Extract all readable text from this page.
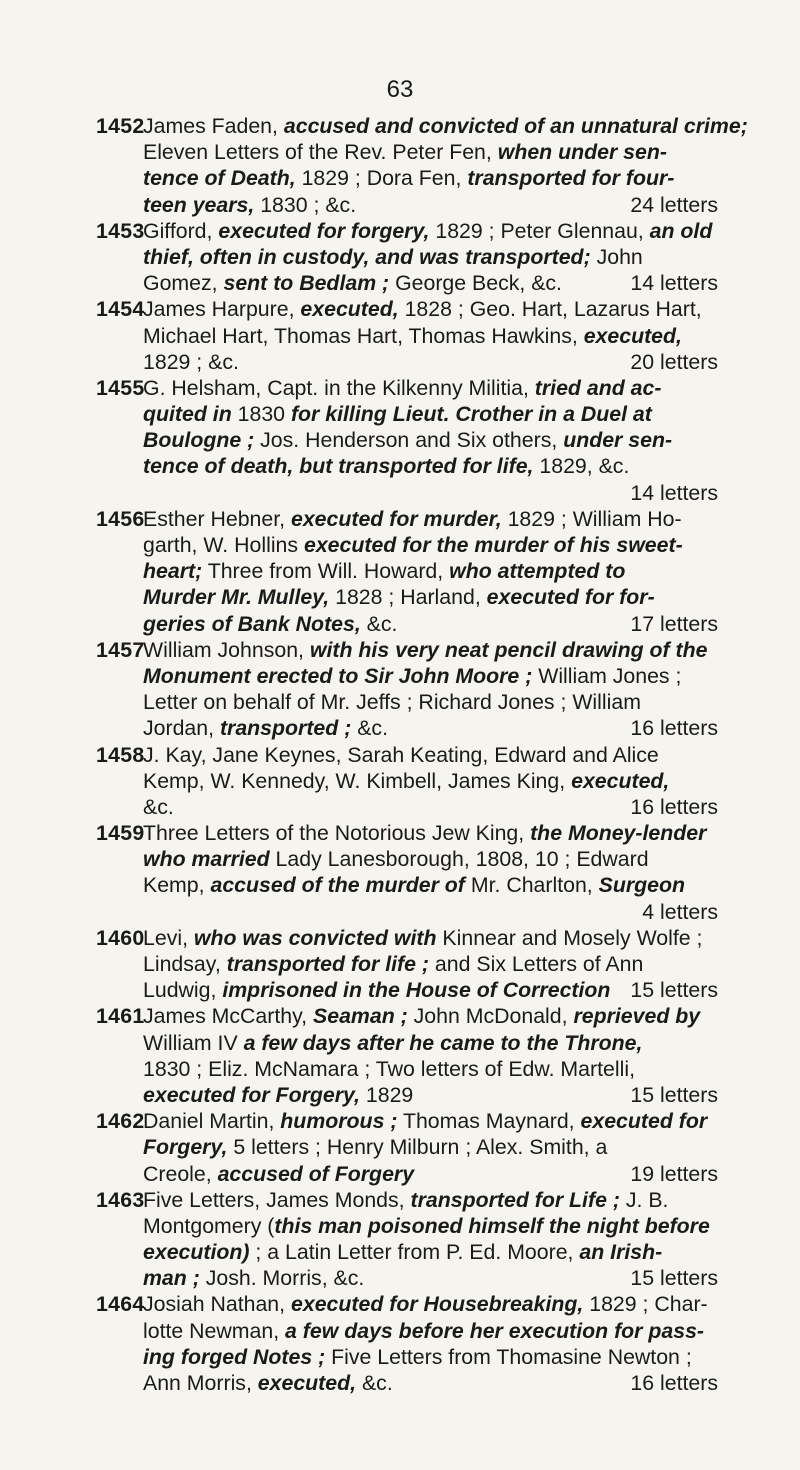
63
1452
James Faden, accused and convicted of an unnatural crime;
Eleven Letters of the Rev. Peter Fen, when under sen-
tence of Death, 1829 ; Dora Fen, transported for four-
teen years, 1830 ; &c.	24 letters
1453
Gifford, executed for forgery, 1829 ; Peter Glennau, an old
thief, often in custody, and was transported; John
Gomez, sent to Bedlam ; George Beck, &c.	14 letters
1454
James Harpure, executed, 1828 ; Geo. Hart, Lazarus Hart,
Michael Hart, Thomas Hart, Thomas Hawkins, executed,
1829 ; &c.	20 letters
1455
G. Helsham, Capt. in the Kilkenny Militia, tried and ac-
quited in 1830 for killing Lieut. Crother in a Duel at
Boulogne ; Jos. Henderson and Six others, under sen-
tence of death, but transported for life, 1829, &c.
14 letters
1456
Esther Hebner, executed for murder, 1829 ; William Ho-
garth, W. Hollins executed for the murder of his sweet-
heart; Three from Will. Howard, who attempted to
Murder Mr. Mulley, 1828 ; Harland, executed for for-
geries of Bank Notes, &c.	17 letters
1457
William Johnson, with his very neat pencil drawing of the
Monument erected to Sir John Moore ; William Jones ;
Letter on behalf of Mr. Jeffs ; Richard Jones ; William
Jordan, transported ; &c.	16 letters
1458
J. Kay, Jane Keynes, Sarah Keating, Edward and Alice
Kemp, W. Kennedy, W. Kimbell, James King, executed,
&c.	16 letters
1459
Three Letters of the Notorious Jew King, the Money-lender
who married Lady Lanesborough, 1808, 10 ; Edward
Kemp, accused of the murder of Mr. Charlton, Surgeon
4 letters
1460
Levi, who was convicted with Kinnear and Mosely Wolfe ;
Lindsay, transported for life ; and Six Letters of Ann
Ludwig, imprisoned in the House of Correction 15 letters
1461
James McCarthy, Seaman ; John McDonald, reprieved by
William IV a few days after he came to the Throne,
1830 ; Eliz. McNamara ; Two letters of Edw. Martelli,
executed for Forgery, 1829	15 letters
1462
Daniel Martin, humorous ; Thomas Maynard, executed for
Forgery, 5 letters ; Henry Milburn ; Alex. Smith, a
Creole, accused of Forgery	19 letters
1463
Five Letters, James Monds, transported for Life ; J. B.
Montgomery (this man poisoned himself the night before
execution) ; a Latin Letter from P. Ed. Moore, an Irish-
man ; Josh. Morris, &c.	15 letters
1464
Josiah Nathan, executed for Housebreaking, 1829 ; Char-
lotte Newman, a few days before her execution for pass-
ing forged Notes ; Five Letters from Thomasine Newton ;
Ann Morris, executed, &c.	16 letters
